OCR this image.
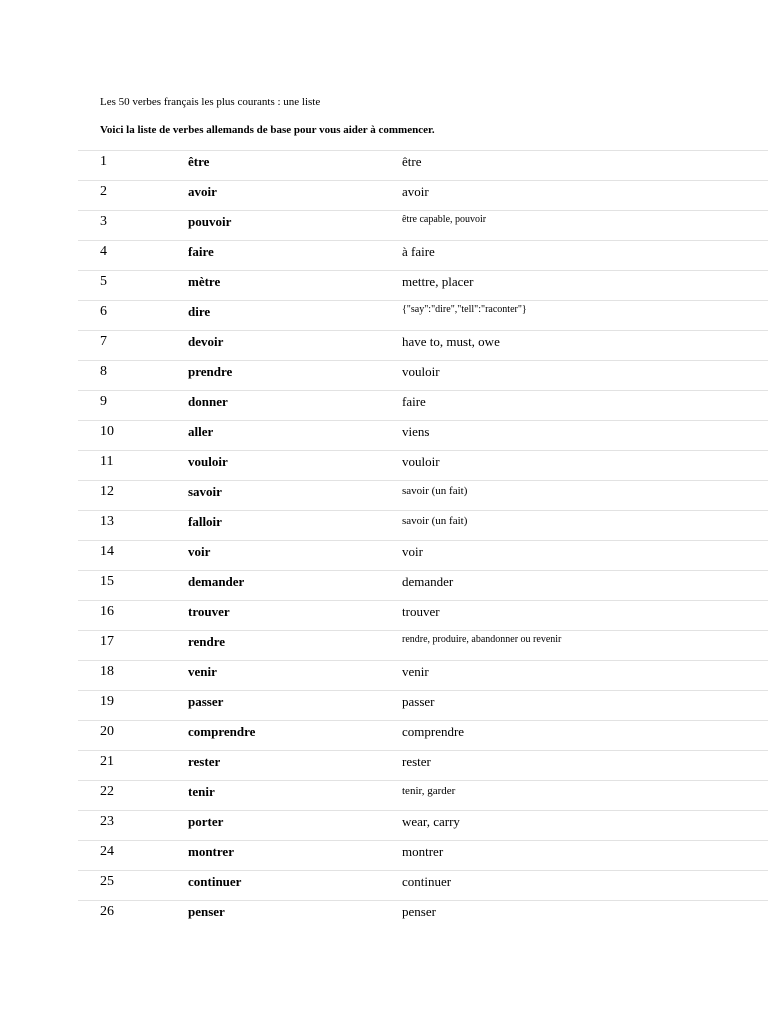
Les 50 verbes français les plus courants : une liste
Voici la liste de verbes allemands de base pour vous aider à commencer.
1	être	être
2	avoir	avoir
3	pouvoir	être capable, pouvoir
4	faire	à faire
5	mètre	mettre, placer
6	dire	{"say":"dire","tell":"raconter"}
7	devoir	have to, must, owe
8	prendre	vouloir
9	donner	faire
10	aller	viens
11	vouloir	vouloir
12	savoir	savoir (un fait)
13	falloir	savoir (un fait)
14	voir	voir
15	demander	demander
16	trouver	trouver
17	rendre	rendre, produire, abandonner ou revenir
18	venir	venir
19	passer	passer
20	comprendre	comprendre
21	rester	rester
22	tenir	tenir, garder
23	porter	wear, carry
24	montrer	montrer
25	continuer	continuer
26	penser	penser
